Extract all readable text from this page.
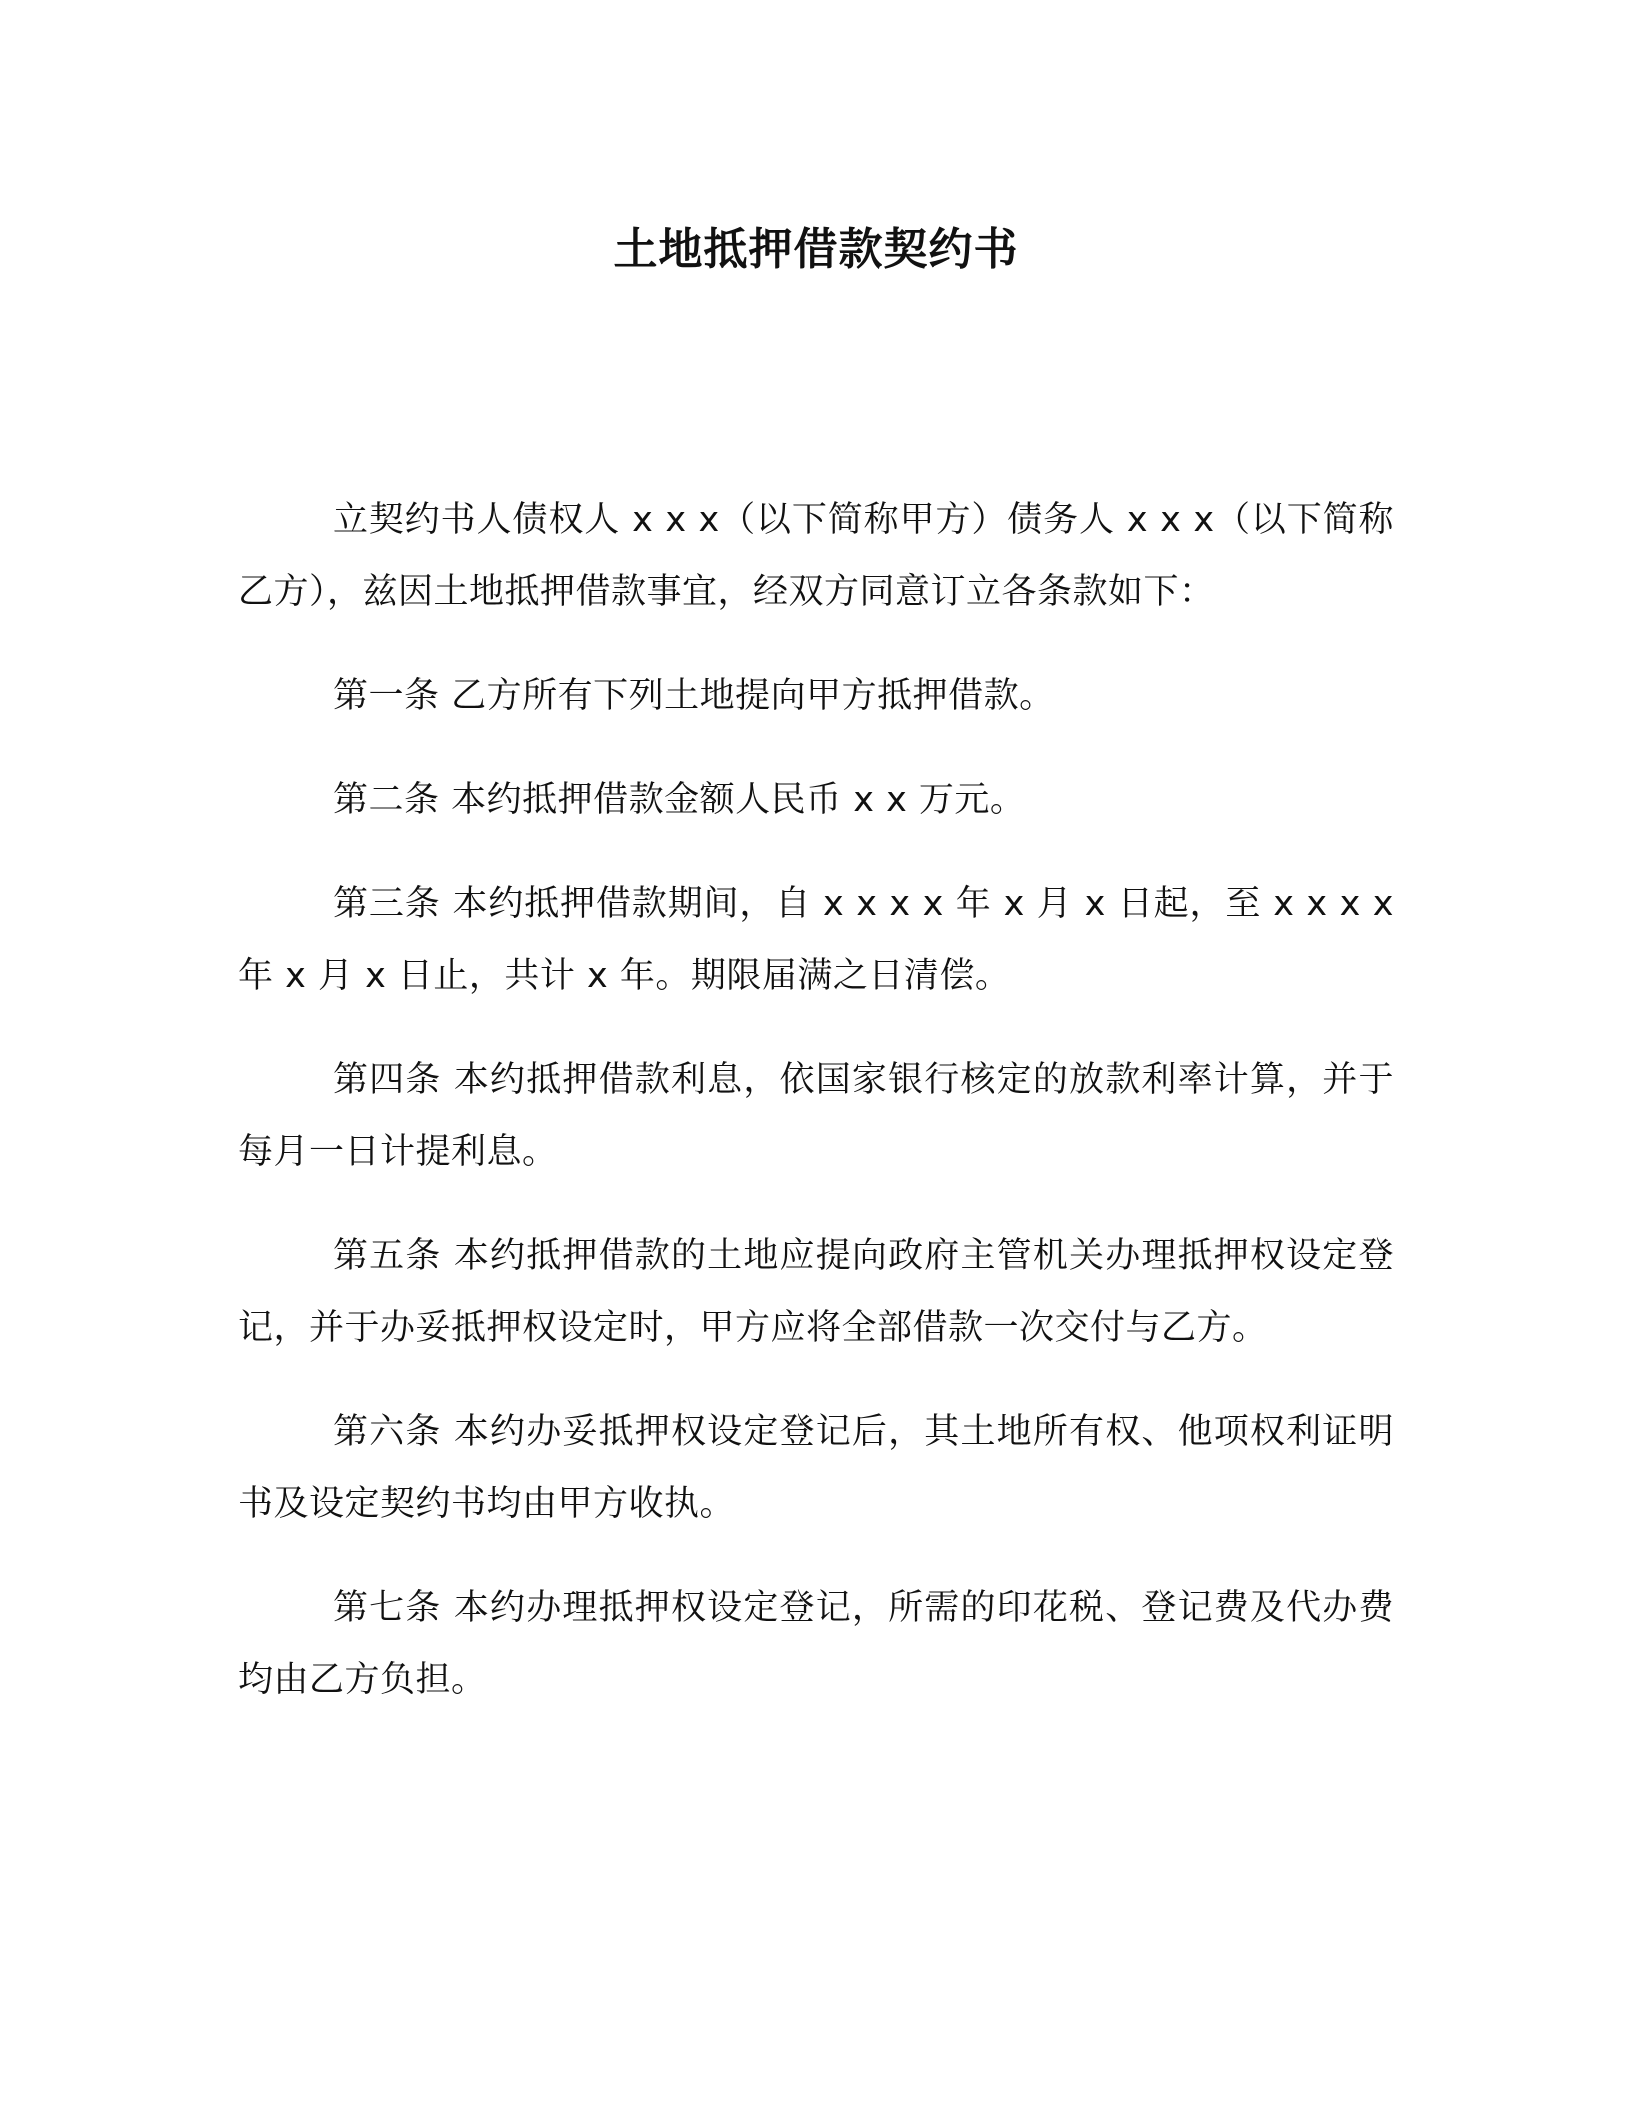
土地抵押借款契约书

立契约书人债权人 x x x（以下简称甲方）债务人 x x x（以下简称乙方），兹因土地抵押借款事宜，经双方同意订立各条款如下：

第一条 乙方所有下列土地提向甲方抵押借款。

第二条 本约抵押借款金额人民币 x x 万元。

第三条 本约抵押借款期间，自 x x x x 年 x 月 x 日起，至 x x x x 年 x 月 x 日止，共计 x 年。期限届满之日清偿。

第四条 本约抵押借款利息，依国家银行核定的放款利率计算，并于每月一日计提利息。

第五条 本约抵押借款的土地应提向政府主管机关办理抵押权设定登记，并于办妥抵押权设定时，甲方应将全部借款一次交付与乙方。

第六条 本约办妥抵押权设定登记后，其土地所有权、他项权利证明书及设定契约书均由甲方收执。

第七条 本约办理抵押权设定登记，所需的印花税、登记费及代办费均由乙方负担。
